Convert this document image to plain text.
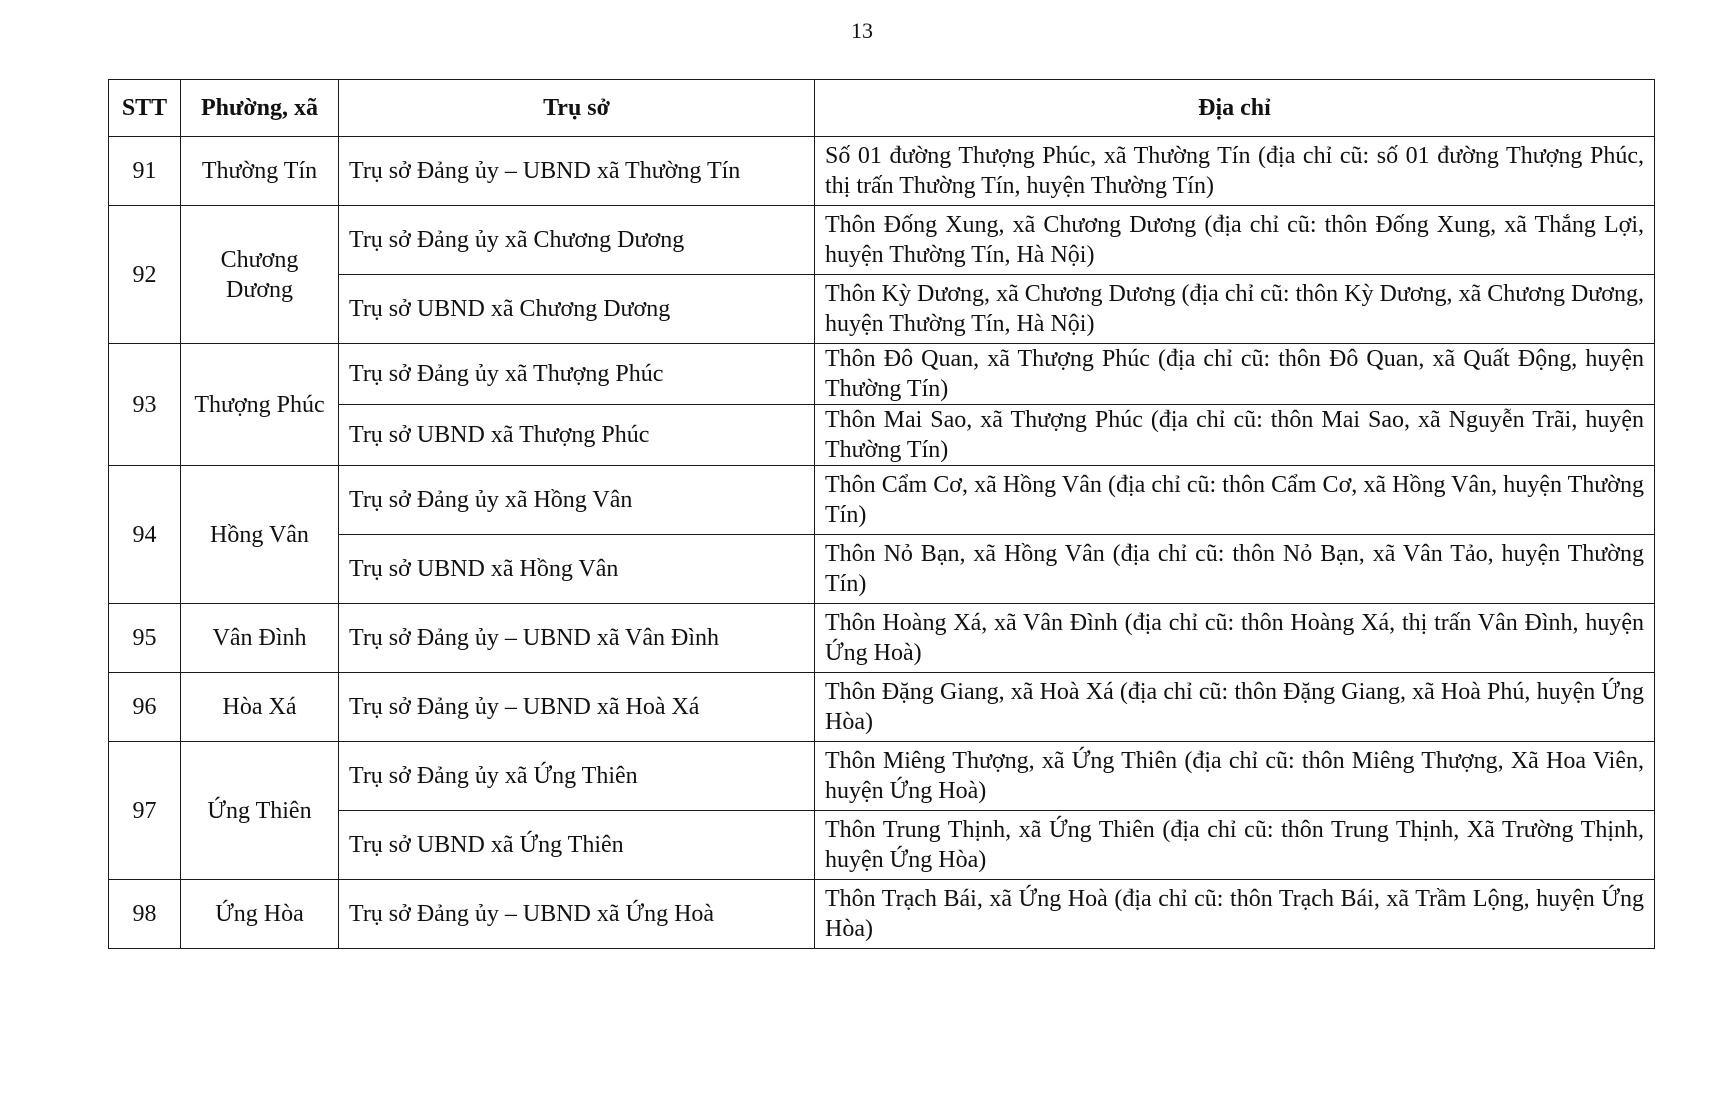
13
STT	Phường, xã	Trụ sở	Địa chỉ
91	Thường Tín	Trụ sở Đảng ủy – UBND xã Thường Tín	Số 01 đường Thượng Phúc, xã Thường Tín (địa chỉ cũ: số 01 đường Thượng Phúc, thị trấn Thường Tín, huyện Thường Tín)
92	Chương Dương	Trụ sở Đảng ủy xã Chương Dương	Thôn Đống Xung, xã Chương Dương (địa chỉ cũ: thôn Đống Xung, xã Thắng Lợi, huyện Thường Tín, Hà Nội)
		Trụ sở UBND xã Chương Dương	Thôn Kỳ Dương, xã Chương Dương (địa chỉ cũ: thôn Kỳ Dương, xã Chương Dương, huyện Thường Tín, Hà Nội)
93	Thượng Phúc	Trụ sở Đảng ủy xã Thượng Phúc	Thôn Đô Quan, xã Thượng Phúc (địa chỉ cũ: thôn Đô Quan, xã Quất Động, huyện Thường Tín)
		Trụ sở UBND xã Thượng Phúc	Thôn Mai Sao, xã Thượng Phúc (địa chỉ cũ: thôn Mai Sao, xã Nguyễn Trãi, huyện Thường Tín)
94	Hồng Vân	Trụ sở Đảng ủy xã Hồng Vân	Thôn Cẩm Cơ, xã Hồng Vân (địa chỉ cũ: thôn Cẩm Cơ, xã Hồng Vân, huyện Thường Tín)
		Trụ sở UBND xã Hồng Vân	Thôn Nỏ Bạn, xã Hồng Vân (địa chỉ cũ: thôn Nỏ Bạn, xã Vân Tảo, huyện Thường Tín)
95	Vân Đình	Trụ sở Đảng ủy – UBND xã Vân Đình	Thôn Hoàng Xá, xã Vân Đình (địa chỉ cũ: thôn Hoàng Xá, thị trấn Vân Đình, huyện Ứng Hoà)
96	Hòa Xá	Trụ sở Đảng ủy – UBND xã Hoà Xá	Thôn Đặng Giang, xã Hoà Xá (địa chỉ cũ: thôn Đặng Giang, xã Hoà Phú, huyện Ứng Hòa)
97	Ứng Thiên	Trụ sở Đảng ủy xã Ứng Thiên	Thôn Miêng Thượng, xã Ứng Thiên (địa chỉ cũ: thôn Miêng Thượng, Xã Hoa Viên, huyện Ứng Hoà)
		Trụ sở UBND xã Ứng Thiên	Thôn Trung Thịnh, xã Ứng Thiên (địa chỉ cũ: thôn Trung Thịnh, Xã Trường Thịnh, huyện Ứng Hòa)
98	Ứng Hòa	Trụ sở Đảng ủy – UBND xã Ứng Hoà	Thôn Trạch Bái, xã Ứng Hoà (địa chỉ cũ: thôn Trạch Bái, xã Trầm Lộng, huyện Ứng Hòa)
